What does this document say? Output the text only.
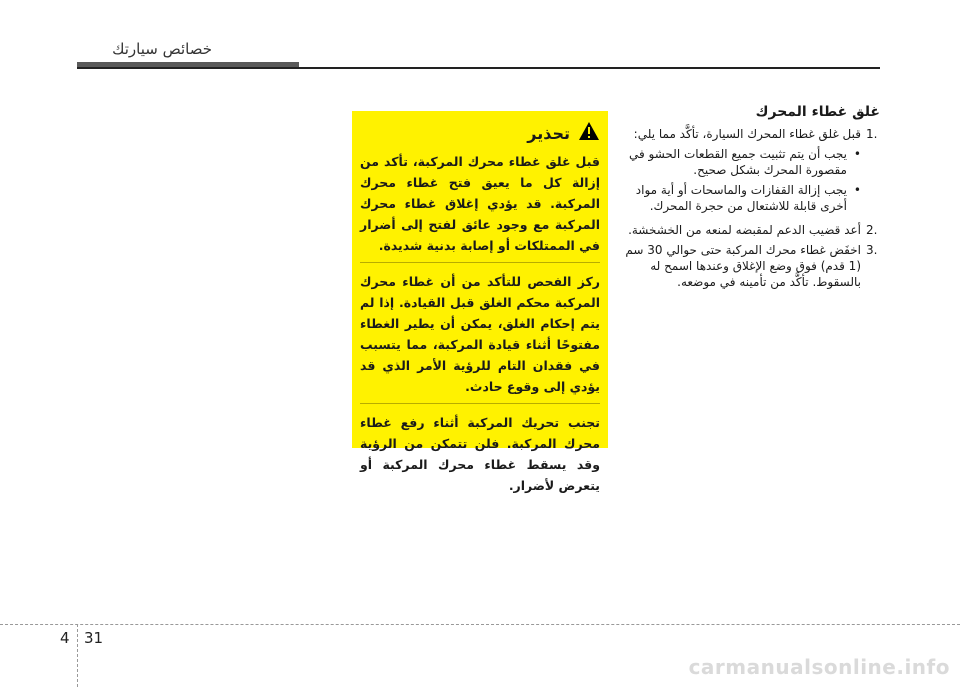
خصائص سيارتك
غلق غطاء المحرك
1.
قبل غلق غطاء المحرك السيارة، تأكَّد مما يلي:
• يجب أن يتم تثبيت جميع القطعات الحشو في مقصورة المحرك بشكل صحيح.
• يجب إزالة القفازات والماسحات أو أية مواد أخرى قابلة للاشتعال من حجرة المحرك.
2.
أعد قضيب الدعم لمقبضه لمنعه من الخشخشة.
3.
اخفَض غطاء محرك المركبة حتى حوالي 30 سم (1 قدم) فوق وضع الإغلاق وعندها اسمح له بالسقوط. تأكَّد من تأمينه في موضعه.
تحذير

قبل غلق غطاء محرك المركبة، تأكد من إزالة كل ما يعيق فتح غطاء محرك المركبة. قد يؤدي إغلاق غطاء محرك المركبة مع وجود عائق لفتح إلى أضرار في الممتلكات أو إصابة بدنية شديدة.

ركز الفحص للتأكد من أن غطاء محرك المركبة محكم الغلق قبل القيادة. إذا لم يتم إحكام الغلق، يمكن أن يطير الغطاء مفتوحًا أثناء قيادة المركبة، مما يتسبب في فقدان التام للرؤية الأمر الذي قد يؤدي إلى وقوع حادث.

تجنب تحريك المركبة أثناء رفع غطاء محرك المركبة. فلن تتمكن من الرؤية وقد يسقط غطاء محرك المركبة أو يتعرض لأضرار.

4 31
carmanualsonline.info
